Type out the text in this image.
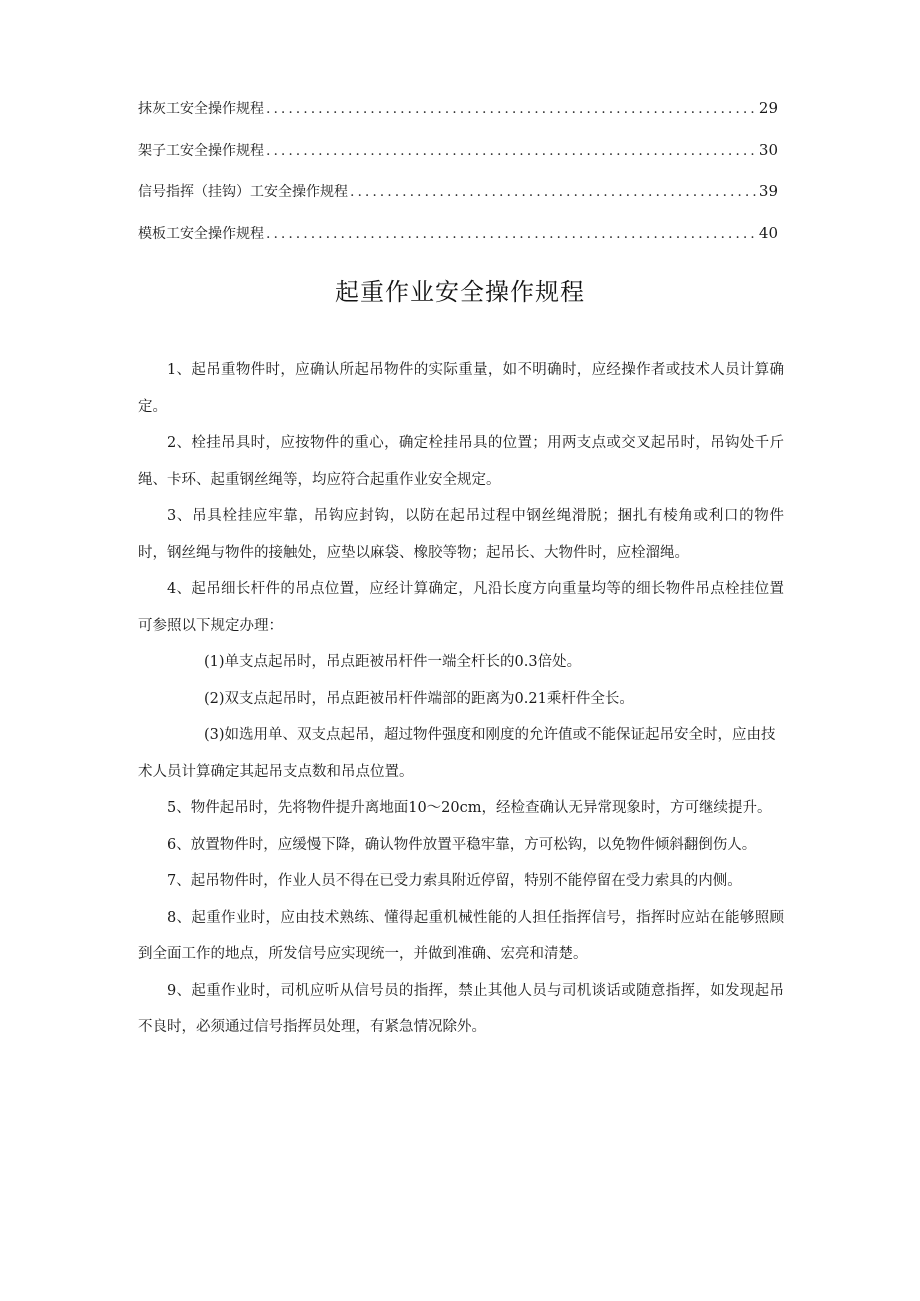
抹灰工安全操作规程 .....	29
架子工安全操作规程 .....	30
信号指挥（挂钩）工安全操作规程 .....	39
模板工安全操作规程 .....	40
起重作业安全操作规程

1、起吊重物件时，应确认所起吊物件的实际重量，如不明确时，应经操作者或技术人员计算确定。

2、栓挂吊具时，应按物件的重心，确定栓挂吊具的位置；用两支点或交叉起吊时，吊钩处千斤绳、卡环、起重钢丝绳等，均应符合起重作业安全规定。

3、吊具栓挂应牢靠，吊钩应封钩，以防在起吊过程中钢丝绳滑脱；捆扎有棱角或利口的物件时，钢丝绳与物件的接触处，应垫以麻袋、橡胶等物；起吊长、大物件时，应栓溜绳。

4、起吊细长杆件的吊点位置，应经计算确定，凡沿长度方向重量均等的细长物件吊点栓挂位置可参照以下规定办理：

(1)单支点起吊时，吊点距被吊杆件一端全杆长的0.3倍处。

(2)双支点起吊时，吊点距被吊杆件端部的距离为0.21乘杆件全长。

(3)如选用单、双支点起吊，超过物件强度和刚度的允许值或不能保证起吊安全时，应由技术人员计算确定其起吊支点数和吊点位置。

5、物件起吊时，先将物件提升离地面10～20cm，经检查确认无异常现象时，方可继续提升。

6、放置物件时，应缓慢下降，确认物件放置平稳牢靠，方可松钩，以免物件倾斜翻倒伤人。

7、起吊物件时，作业人员不得在已受力索具附近停留，特别不能停留在受力索具的内侧。

8、起重作业时，应由技术熟练、懂得起重机械性能的人担任指挥信号，指挥时应站在能够照顾到全面工作的地点，所发信号应实现统一，并做到准确、宏亮和清楚。

9、起重作业时，司机应听从信号员的指挥，禁止其他人员与司机谈话或随意指挥，如发现起吊不良时，必须通过信号指挥员处理，有紧急情况除外。
